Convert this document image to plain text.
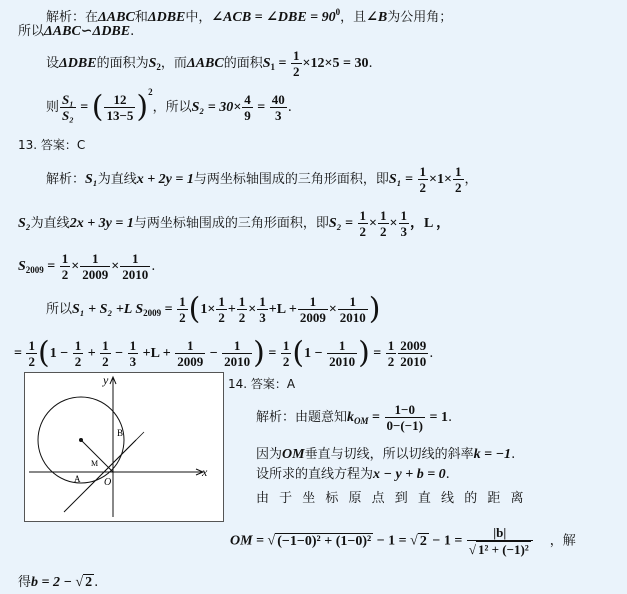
解析：在ΔABC和ΔDBE中，∠ACB = ∠DBE = $90^0$，且∠B为公用角；
所以ΔABC∽ΔDBE.
设ΔDBE的面积为$S_2$，而ΔABC的面积$S_1 = \frac{1}{2} \times 12\times 5 = 30$.
则 $\frac{\text{S₁}}{\text{S₂}}$ = ( $\frac{12}{13-5} )^2$，所以$S_2 = 30\times \frac{4}{9} = \frac{40}{3}$ .
13. 答案：C
解析：S₁为直线x + 2y = 1与两坐标轴围成的三角形面积，即$S_1 = \frac{1}{2} \times 1\times \frac{1}{2}$ ，
S₂为直线2x + 3y = 1与两坐标轴围成的三角形面积，即$S_2 = \frac{1}{2} \times \frac{1}{2} \times \frac{1}{3}$ ，L ，
$S_{2009} = \frac{1}{2} \times \frac{1}{2009} \times \frac{1}{2010}$ .
所以S₁ + S₂ +L $S_{2009} = \frac{1}{2} (1\times \frac{1}{2} + \frac{1}{2} \times \frac{1}{3} +L + \frac{1}{2009} \times \frac{1}{2010}$ )
= $\frac{1}{2} (1 - \frac{1}{2} + \frac{1}{2} - \frac{1}{3} +L + \frac{1}{2009} - \frac{1}{2010}$ ) = $\frac{1}{2} (1 - \frac{1}{2010}$ ) = $\frac{1}{2} \frac{2009}{2010}$ .
y
x
O
A
B
M
14. 答案：A
解析：由题意知$k_{OM} = \frac{1-0}{0-(-1)} = 1$.
因为OM垂直与切线，所以切线的斜率k = −1.
设所求的直线方程为x − y + b = 0.
由 于 坐 标 原 点 到 直 线 的 距 离
OM = √ (−1−0)² + (1−0)² − 1 = √ $2 - 1 = \frac{|b|}{\text{√ 1² + (−1)²}}$ ，解
得b = 2 − √ 2 .
